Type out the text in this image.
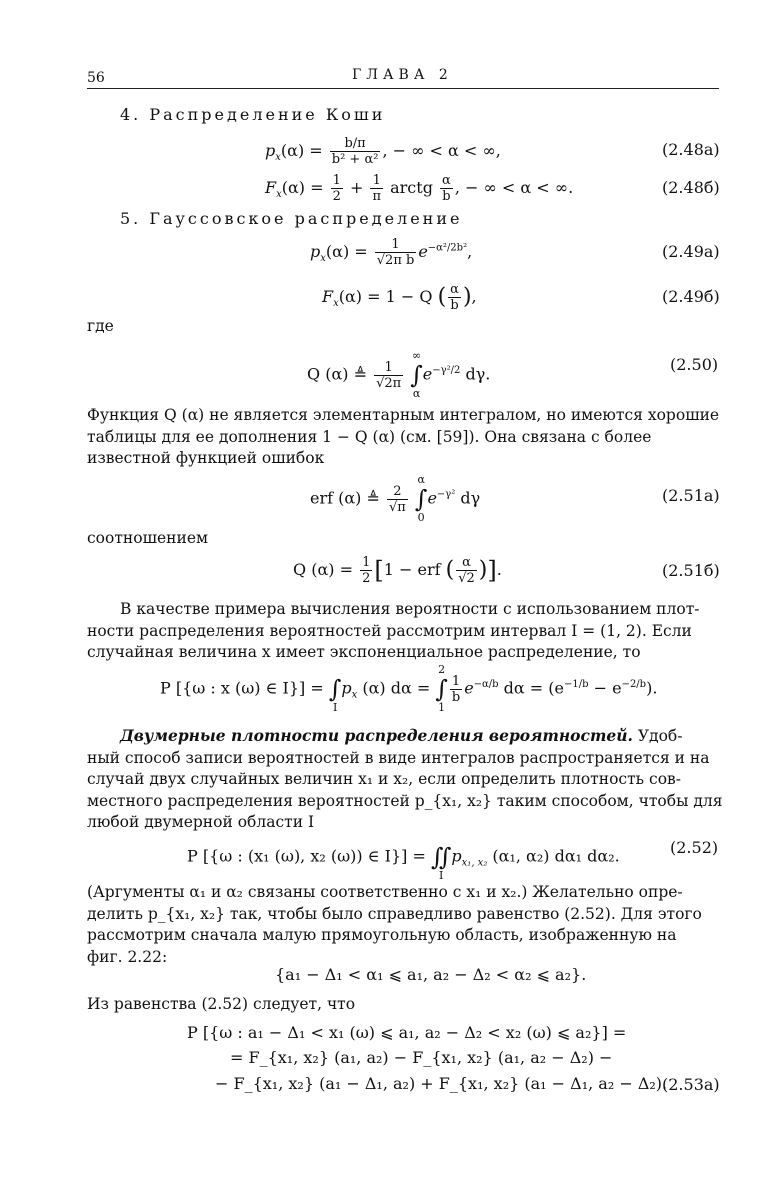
56	ГЛАВА 2
4. Распределение Коши
$p_x(\alpha) = \frac{b/\pi}{\text{b² + α²}}$ , − ∞ < α < ∞,	(2.48а)
$F_x(\alpha) = \frac{1}{2} + \frac{1}{\pi}$ arctg $\frac{\alpha}{b}$ , − ∞ < α < ∞.	(2.48б)
5. Гауссовское распределение
$p_x(\alpha) = \frac{1}{\text{√2π b}} e^{-\alpha^2/2b^2}$,	(2.49а)
$F_x(\alpha) = 1 - Q$ ( $\frac{\alpha}{b}$ ),	(2.49б)
где
Q (α) ≜ $\frac{1}{√2\pi}$

∞
∫
α
$e^{-\gamma^2/2}$ dγ.	(2.50)
Функция Q (α) не является элементарным интегралом, но имеются хорошие
таблицы для ее дополнения 1 − Q (α) (см. [59]). Она связана с более
известной функцией ошибок
erf (α) ≜ $\frac{2}{√\pi}$

α
∫
0
$e^{-\gamma^2}$ dγ	(2.51а)
соотношением
Q $(\alpha) = \frac{1}{2} [1$ − erf ( $\frac{\alpha}{√2}$ )].	(2.51б)
В качестве примера вычисления вероятности с использованием плот-
ности распределения вероятностей рассмотрим интервал I = (1, 2). Если
случайная величина x имеет экспоненциальное распределение, то
P [{ω : x (ω) ∈ I}] =
∫
I
$p_x$ (α) dα =
2
∫
1
$\frac{1}{b} e^{-\alpha/b}$ $d\alpha = (e^{-1/b} - e^{-2/b})$.
Двумерные плотности распределения вероятностей. Удоб-
ный способ записи вероятностей в виде интегралов распространяется и на
случай двух случайных величин x₁ и x₂, если определить плотность сов-
местного распределения вероятностей p_{x₁, x₂} таким способом, чтобы для
любой двумерной области I
P [{ω : (x₁ (ω), x₂ (ω)) ∈ I}] =
∬
I
$p_{x_1, x_2}$ (α₁, α₂) dα₁ dα₂.	(2.52)
(Аргументы α₁ и α₂ связаны соответственно с x₁ и x₂.) Желательно опре-
делить p_{x₁, x₂} так, чтобы было справедливо равенство (2.52). Для этого
рассмотрим сначала малую прямоугольную область, изображенную на
фиг. 2.22:
{a₁ − Δ₁ < α₁ ⩽ a₁, a₂ − Δ₂ < α₂ ⩽ a₂}.
Из равенства (2.52) следует, что
P [{ω : a₁ − Δ₁ < x₁ (ω) ⩽ a₁, a₂ − Δ₂ < x₂ (ω) ⩽ a₂}] =
= F_{x₁, x₂} (a₁, a₂) − F_{x₁, x₂} (a₁, a₂ − Δ₂) −
− F_{x₁, x₂} (a₁ − Δ₁, a₂) + F_{x₁, x₂} (a₁ − Δ₁, a₂ − Δ₂).
(2.53а)
